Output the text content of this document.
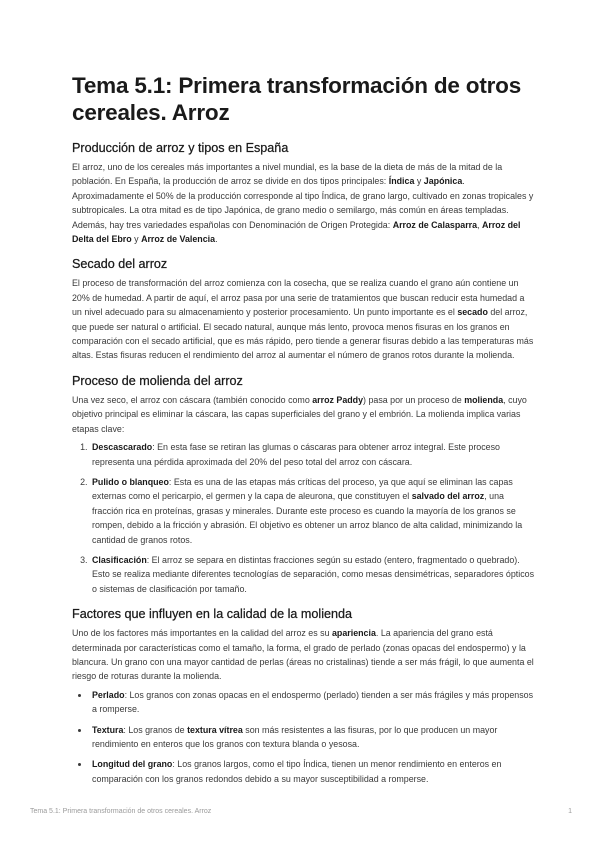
Tema 5.1: Primera transformación de otros cereales. Arroz
Producción de arroz y tipos en España

El arroz, uno de los cereales más importantes a nivel mundial, es la base de la dieta de más de la mitad de la población. En España, la producción de arroz se divide en dos tipos principales: Índica y Japónica. Aproximadamente el 50% de la producción corresponde al tipo Índica, de grano largo, cultivado en zonas tropicales y subtropicales. La otra mitad es de tipo Japónica, de grano medio o semilargo, más común en áreas templadas. Además, hay tres variedades españolas con Denominación de Origen Protegida: Arroz de Calasparra, Arroz del Delta del Ebro y Arroz de Valencia.

Secado del arroz

El proceso de transformación del arroz comienza con la cosecha, que se realiza cuando el grano aún contiene un 20% de humedad. A partir de aquí, el arroz pasa por una serie de tratamientos que buscan reducir esta humedad a un nivel adecuado para su almacenamiento y posterior procesamiento. Un punto importante es el secado del arroz, que puede ser natural o artificial. El secado natural, aunque más lento, provoca menos fisuras en los granos en comparación con el secado artificial, que es más rápido, pero tiende a generar fisuras debido a las temperaturas más altas. Estas fisuras reducen el rendimiento del arroz al aumentar el número de granos rotos durante la molienda.

Proceso de molienda del arroz

Una vez seco, el arroz con cáscara (también conocido como arroz Paddy) pasa por un proceso de molienda, cuyo objetivo principal es eliminar la cáscara, las capas superficiales del grano y el embrión. La molienda implica varias etapas clave:

1. Descascarado: En esta fase se retiran las glumas o cáscaras para obtener arroz integral. Este proceso representa una pérdida aproximada del 20% del peso total del arroz con cáscara.
2. Pulido o blanqueo: Esta es una de las etapas más críticas del proceso, ya que aquí se eliminan las capas externas como el pericarpio, el germen y la capa de aleurona, que constituyen el salvado del arroz, una fracción rica en proteínas, grasas y minerales. Durante este proceso es cuando la mayoría de los granos se rompen, debido a la fricción y abrasión. El objetivo es obtener un arroz blanco de alta calidad, minimizando la cantidad de granos rotos.
3. Clasificación: El arroz se separa en distintas fracciones según su estado (entero, fragmentado o quebrado). Esto se realiza mediante diferentes tecnologías de separación, como mesas densimétricas, separadores ópticos o sistemas de clasificación por tamaño.
Factores que influyen en la calidad de la molienda

Uno de los factores más importantes en la calidad del arroz es su apariencia. La apariencia del grano está determinada por características como el tamaño, la forma, el grado de perlado (zonas opacas del endospermo) y la blancura. Un grano con una mayor cantidad de perlas (áreas no cristalinas) tiende a ser más frágil, lo que aumenta el riesgo de roturas durante la molienda.

• Perlado: Los granos con zonas opacas en el endospermo (perlado) tienden a ser más frágiles y más propensos a romperse.
• Textura: Los granos de textura vítrea son más resistentes a las fisuras, por lo que producen un mayor rendimiento en enteros que los granos con textura blanda o yesosa.
• Longitud del grano: Los granos largos, como el tipo Índica, tienen un menor rendimiento en enteros en comparación con los granos redondos debido a su mayor susceptibilidad a romperse.
Tema 5.1: Primera transformación de otros cereales. Arroz	1
